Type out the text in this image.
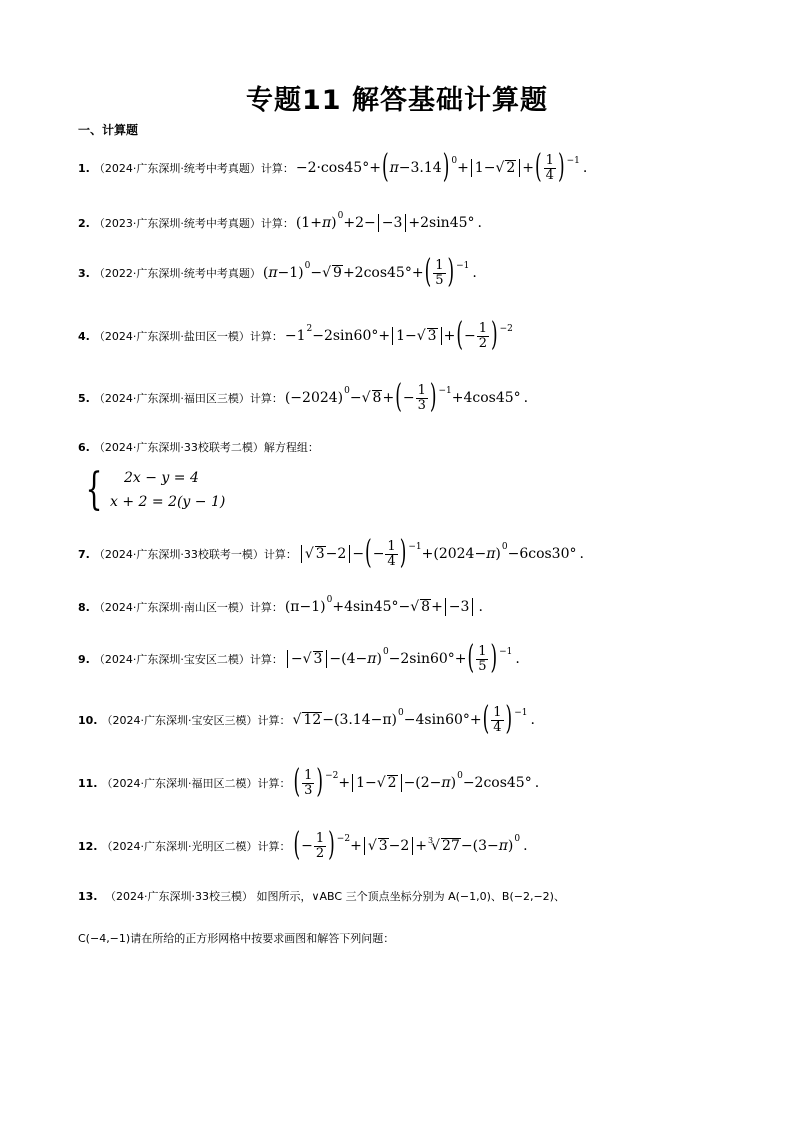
专题11 解答基础计算题
一、计算题
1. （2024·广东深圳·统考中考真题）计算： −2·cos45°+ ( π −3.14 )$^0$ + 1−√ 2 + ( $\frac{1}{4} )^{-1}$ .
2. （2023·广东深圳·统考中考真题）计算： (1+ π )$^0$ +2− −3 +2sin45° .
3. （2022·广东深圳·统考中考真题） ( π −1)$^0$ − √ 9 +2cos45°+ ( $\frac{1}{5} )^{-1}$ .
4. （2024·广东深圳·盐田区一模）计算： $-1^2 -2\sin 60^\circ+ 1-√$ 3 + ( − $\frac{1}{2} )^{-2}$
5. （2024·广东深圳·福田区三模）计算： $(-2024)^0$ − √ 8 + ( − $\frac{1}{3} )^{-1} +4\cos 45^\circ$ .
6. （2024·广东深圳·33校联考二模）解方程组：
{	2x − y = 4
x + 2 = 2(y − 1)
7. （2024·广东深圳·33校联考一模）计算： √ 3−2 − ( − $\frac{1}{4} )^{-1} +(2024- \pi$ )$^0$ −6cos30° .
8. （2024·广东深圳·南山区一模）计算： $(\pi-1)^0 +4\sin 45^\circ-$ √ 8 + −3 .
9. （2024·广东深圳·宝安区二模）计算： −√ 3 −(4− π )$^0$ −2sin60°+ ( $\frac{1}{5} )^{-1}$ .
10. （2024·广东深圳·宝安区三模）计算： √ $12 -(3.14-\pi)^0 -4\sin 60^\circ+$ ( $\frac{1}{4} )^{-1}$ .
11. （2024·广东深圳·福田区二模）计算： ( $\frac{1}{3} )^{-2} + 1-√$ 2 −(2− π )$^0$ −2cos45° .
12. （2024·广东深圳·光明区二模）计算： ( − $\frac{1}{2} )^{-2}$ + √ 3−2 +$^3$
√ 27 −(3− π )$^0$ .
13. （2024·广东深圳·33校三模） 如图所示，∨ABC 三个顶点坐标分别为 A(−1,0)、B(−2,−2)、
C(−4,−1)请在所给的正方形网格中按要求画图和解答下列问题：
